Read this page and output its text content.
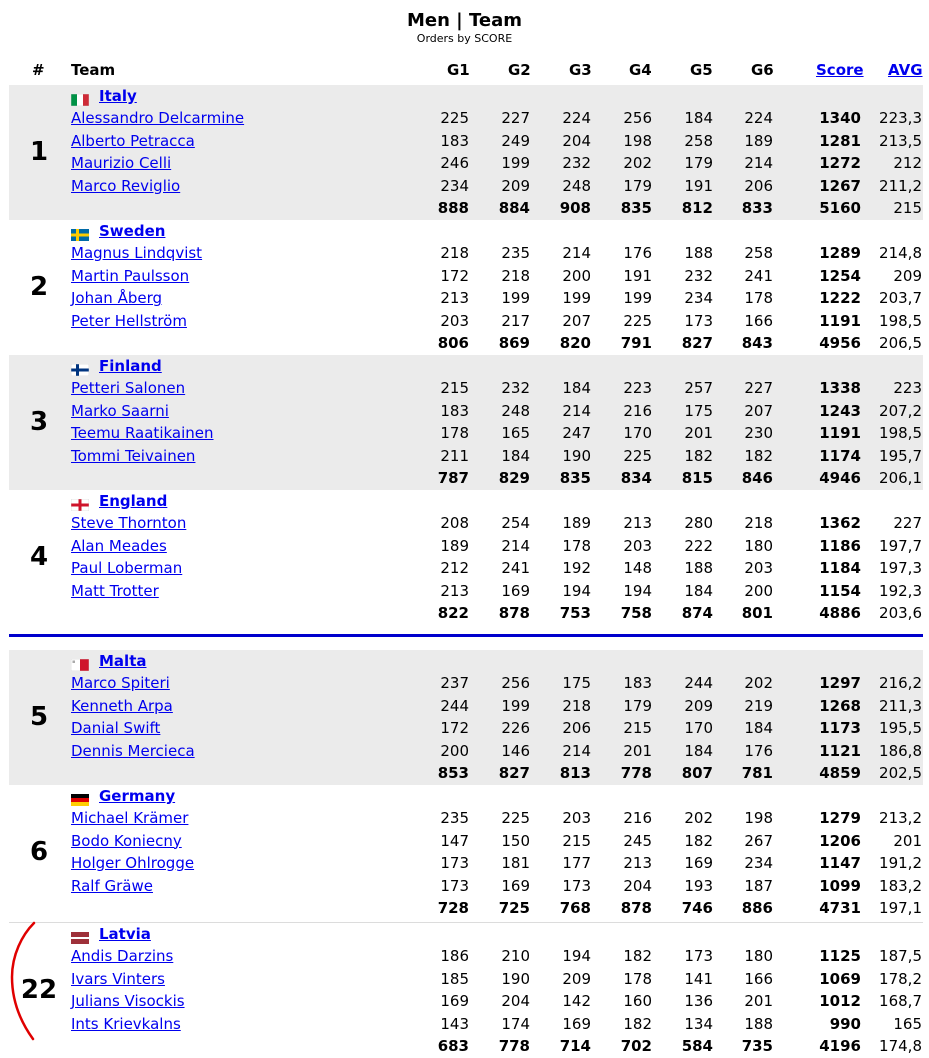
Men | Team
Orders by SCORE
# Team	G1	G2	G3 G4	G5	G6	Score AVG
1
Italy
Alessandro Delcarmine	225	227	224	256	184	224	1340	223,3
Alberto Petracca	183	249	204	198	258	189	1281	213,5
Maurizio Celli	246	199	232	202	179	214	1272	212
Marco Reviglio	234	209	248	179	191	206	1267	211,2
888	884	908	835	812	833	5160	215
2
Sweden
Magnus Lindqvist	218	235	214	176	188	258	1289	214,8
Martin Paulsson	172	218	200	191	232	241	1254	209
Johan Åberg	213	199	199	199	234	178	1222	203,7
Peter Hellström	203	217	207	225	173	166	1191	198,5
806	869	820	791	827	843	4956	206,5
3
Finland
Petteri Salonen	215	232	184	223	257	227	1338	223
Marko Saarni	183	248	214	216	175	207	1243	207,2
Teemu Raatikainen	178	165	247	170	201	230	1191	198,5
Tommi Teivainen	211	184	190	225	182	182	1174	195,7
787	829	835	834	815	846	4946	206,1
4
England
Steve Thornton	208	254	189	213	280	218	1362	227
Alan Meades	189	214	178	203	222	180	1186	197,7
Paul Loberman	212	241	192	148	188	203	1184	197,3
Matt Trotter	213	169	194	194	184	200	1154	192,3
822	878	753	758	874	801	4886	203,6
5
Malta
Marco Spiteri	237	256	175	183	244	202	1297	216,2
Kenneth Arpa	244	199	218	179	209	219	1268	211,3
Danial Swift	172	226	206	215	170	184	1173	195,5
Dennis Mercieca	200	146	214	201	184	176	1121	186,8
853	827	813	778	807	781	4859	202,5
6
Germany
Michael Krämer	235	225	203	216	202	198	1279	213,2
Bodo Koniecny	147	150	215	245	182	267	1206	201
Holger Ohlrogge	173	181	177	213	169	234	1147	191,2
Ralf Gräwe	173	169	173	204	193	187	1099	183,2
728	725	768	878	746	886	4731	197,1
22
Latvia
Andis Darzins	186	210	194	182	173	180	1125	187,5
Ivars Vinters	185	190	209	178	141	166	1069	178,2
Julians Visockis	169	204	142	160	136	201	1012	168,7
Ints Krievkalns	143	174	169	182	134	188	990	165
683	778	714	702	584	735	4196	174,8
